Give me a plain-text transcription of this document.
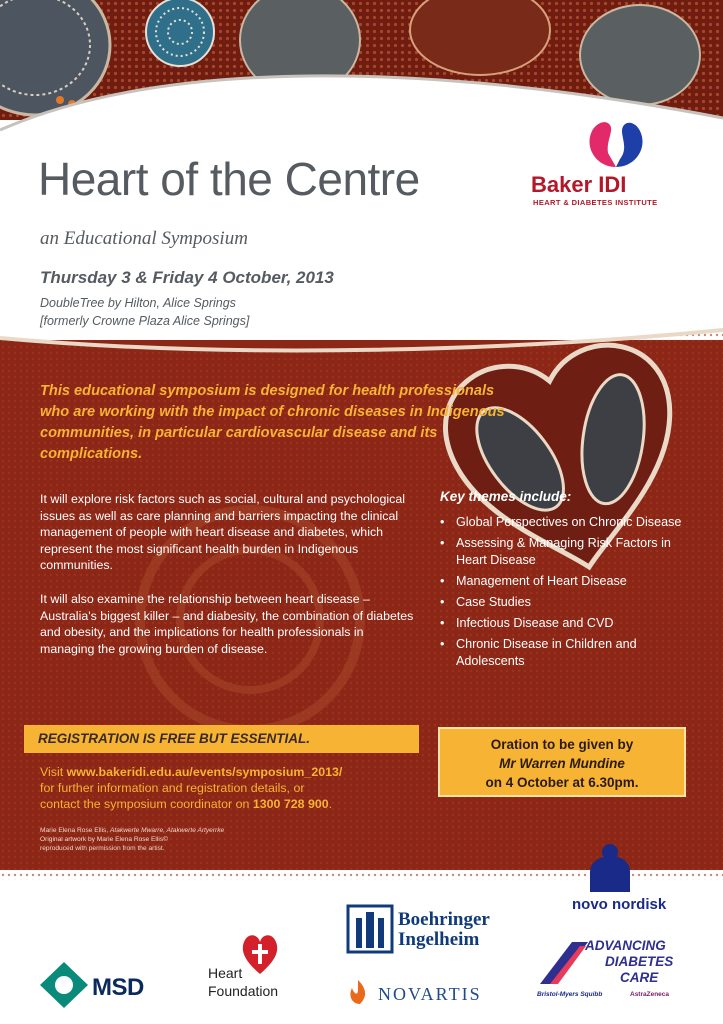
Baker IDI
HEART & DIABETES INSTITUTE
Heart of the Centre
an Educational Symposium
Thursday 3 & Friday 4 October, 2013
DoubleTree by Hilton, Alice Springs
[formerly Crowne Plaza Alice Springs]
This educational symposium is designed for health professionals who are working with the impact of chronic diseases in Indigenous communities, in particular cardiovascular disease and its complications.
It will explore risk factors such as social, cultural and psychological issues as well as care planning and barriers impacting the clinical management of people with heart disease and diabetes, which represent the most significant health burden in Indigenous communities.
It will also examine the relationship between heart disease – Australia's biggest killer – and diabesity, the combination of diabetes and obesity, and the implications for health professionals in managing the growing burden of disease.
Key themes include:
• Global Perspectives on Chronic Disease
• Assessing & Managing Risk Factors in Heart Disease
• Management of Heart Disease
• Case Studies
• Infectious Disease and CVD
• Chronic Disease in Children and Adolescents
REGISTRATION IS FREE BUT ESSENTIAL.
Visit www.bakeridi.edu.au/events/symposium_2013/
for further information and registration details, or
contact the symposium coordinator on 1300 728 900.
Marie Elena Rose Ellis, Atakwerte Mwarre, Atakwerte Artyerrke
Original artwork by Marie Elena Rose Ellis©
reproduced with permission from the artist.
Oration to be given by
Mr Warren Mundine
on 4 October at 6.30pm.
MSD
Heart
Foundation
Boehringer
Ingelheim
NOVARTIS
novo nordisk
ADVANCING
DIABETES
CARE
Bristol-Myers Squibb	AstraZeneca
